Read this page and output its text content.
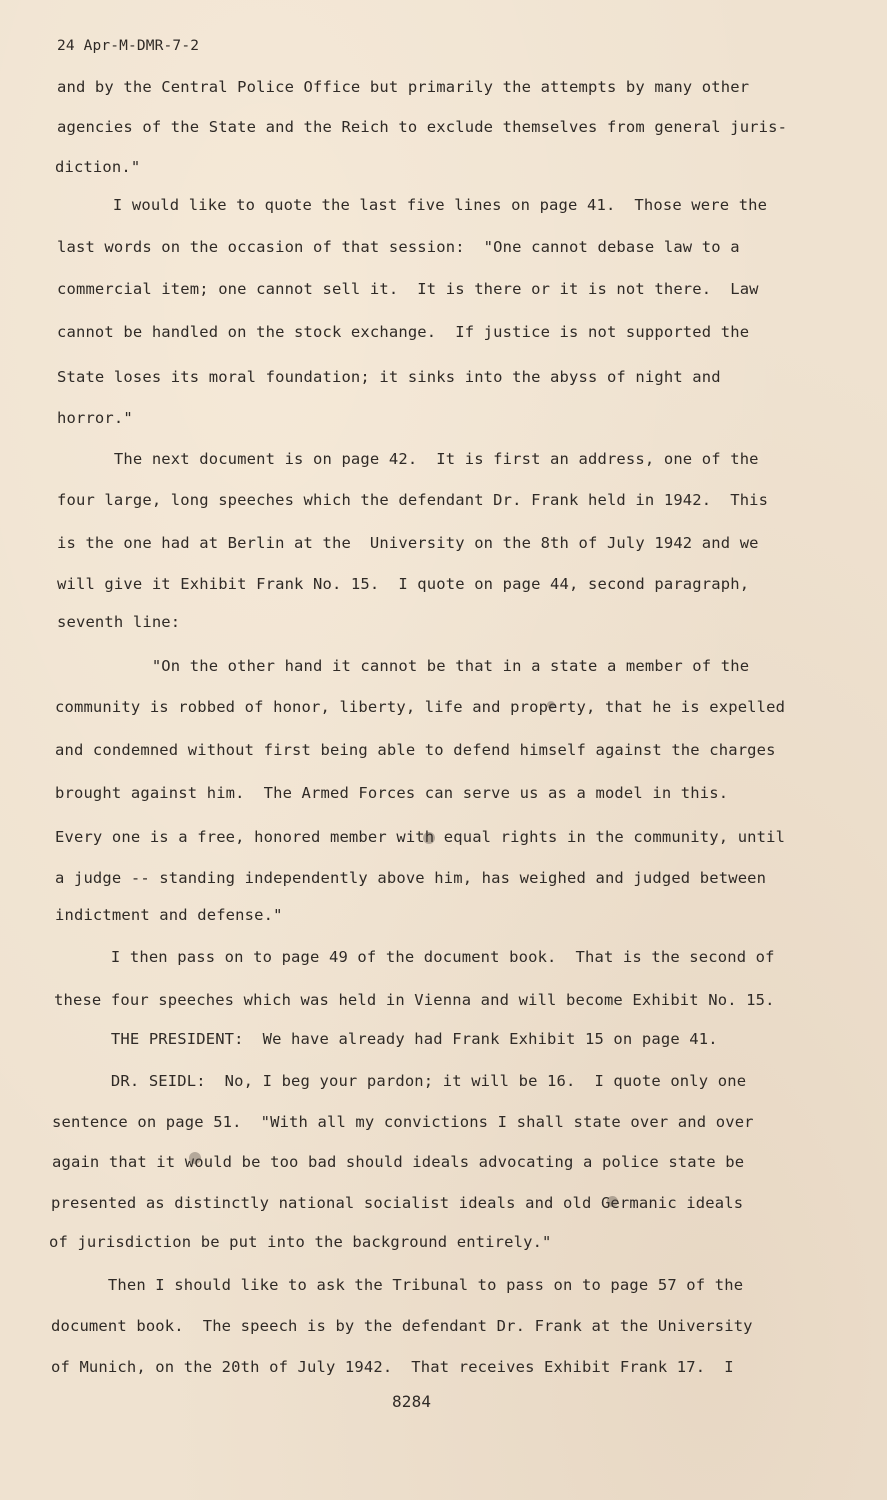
24 Apr-M-DMR-7-2
and by the Central Police Office but primarily the attempts by many other
agencies of the State and the Reich to exclude themselves from general juris-
diction."
I would like to quote the last five lines on page 41.  Those were the
last words on the occasion of that session:  "One cannot debase law to a
commercial item; one cannot sell it.  It is there or it is not there.  Law
cannot be handled on the stock exchange.  If justice is not supported the
State loses its moral foundation; it sinks into the abyss of night and
horror."
The next document is on page 42.  It is first an address, one of the
four large, long speeches which the defendant Dr. Frank held in 1942.  This
is the one had at Berlin at the  University on the 8th of July 1942 and we
will give it Exhibit Frank No. 15.  I quote on page 44, second paragraph,
seventh line:
"On the other hand it cannot be that in a state a member of the
community is robbed of honor, liberty, life and property, that he is expelled
and condemned without first being able to defend himself against the charges
brought against him.  The Armed Forces can serve us as a model in this.
Every one is a free, honored member with equal rights in the community, until
a judge -- standing independently above him, has weighed and judged between
indictment and defense."
I then pass on to page 49 of the document book.  That is the second of
these four speeches which was held in Vienna and will become Exhibit No. 15.
THE PRESIDENT:  We have already had Frank Exhibit 15 on page 41.
DR. SEIDL:  No, I beg your pardon; it will be 16.  I quote only one
sentence on page 51.  "With all my convictions I shall state over and over
again that it would be too bad should ideals advocating a police state be
presented as distinctly national socialist ideals and old Germanic ideals
of jurisdiction be put into the background entirely."
Then I should like to ask the Tribunal to pass on to page 57 of the
document book.  The speech is by the defendant Dr. Frank at the University
of Munich, on the 20th of July 1942.  That receives Exhibit Frank 17.  I
8284
